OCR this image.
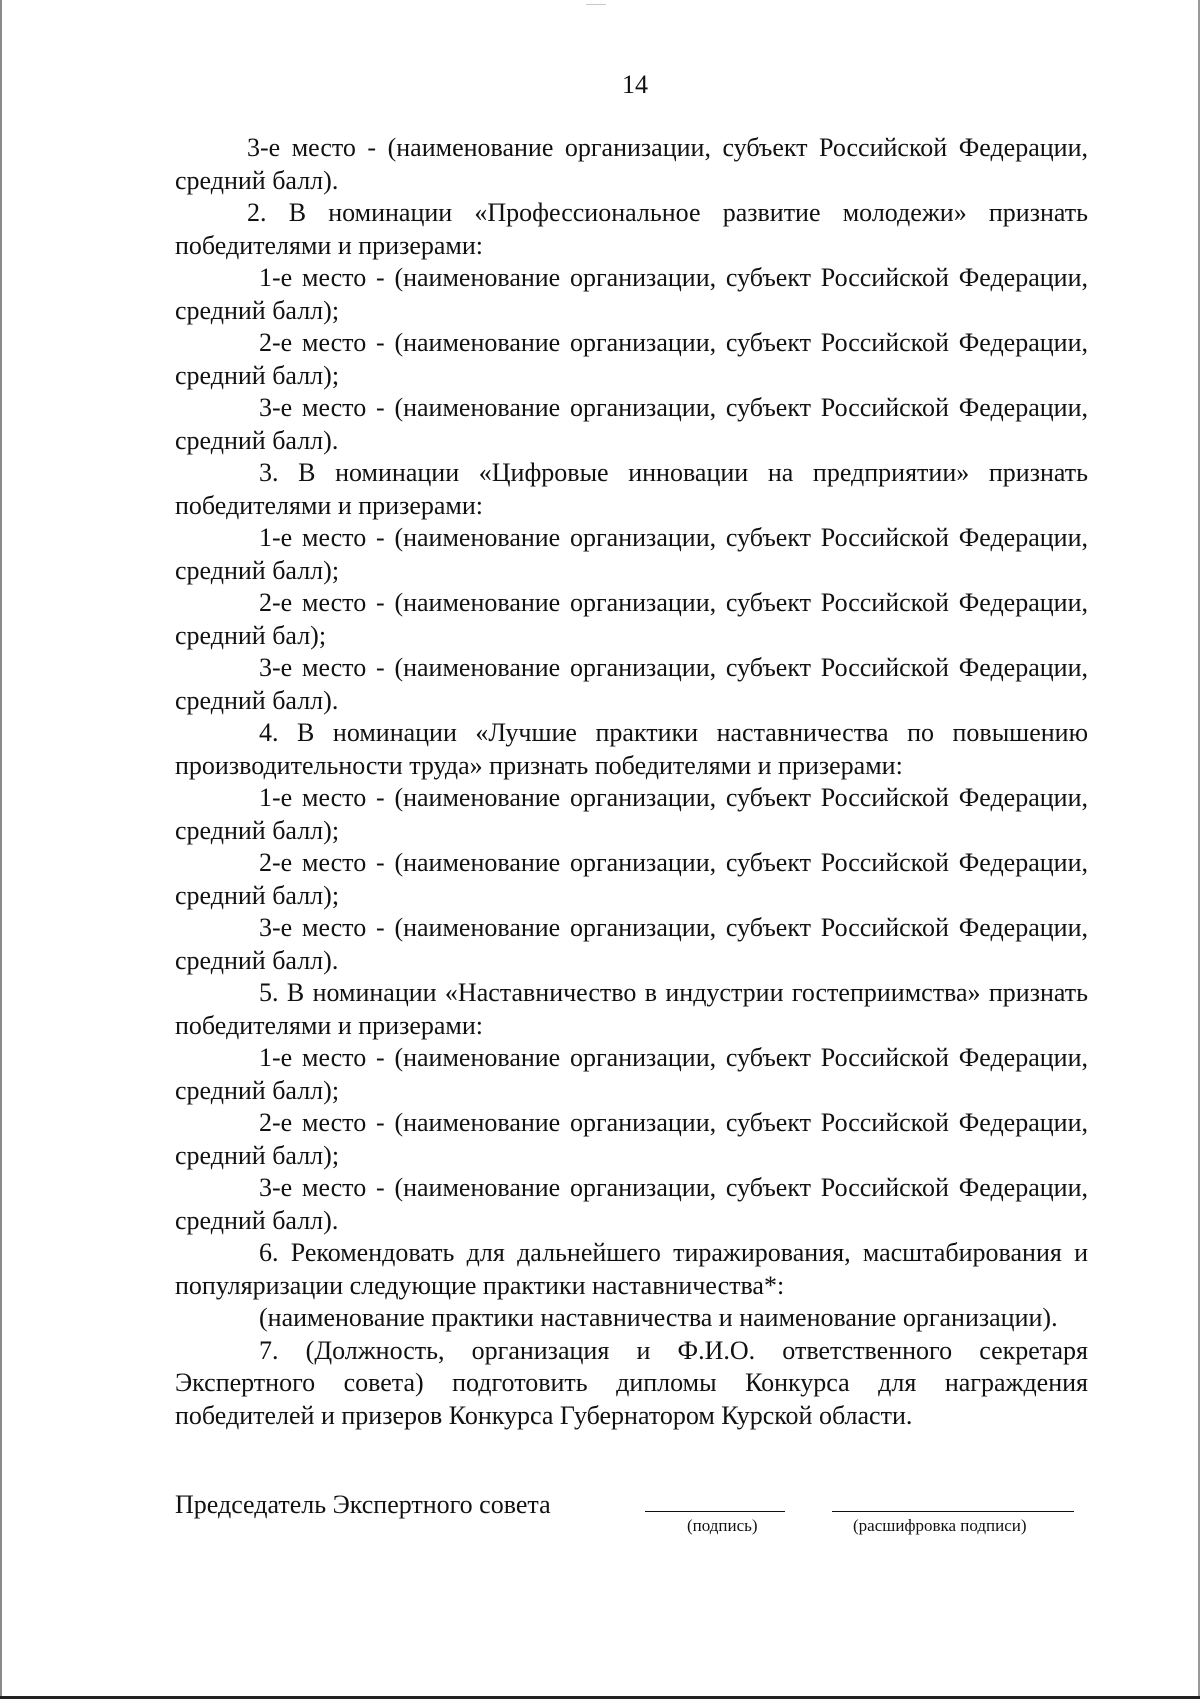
14

3-е место - (наименование организации, субъект Российской Федерации, средний балл).

2. В номинации «Профессиональное развитие молодежи» признать победителями и призерами:

1-е место - (наименование организации, субъект Российской Федерации, средний балл);

2-е место - (наименование организации, субъект Российской Федерации, средний балл);

3-е место - (наименование организации, субъект Российской Федерации, средний балл).

3. В номинации «Цифровые инновации на предприятии» признать победителями и призерами:

1-е место - (наименование организации, субъект Российской Федерации, средний балл);

2-е место - (наименование организации, субъект Российской Федерации, средний бал);

3-е место - (наименование организации, субъект Российской Федерации, средний балл).

4. В номинации «Лучшие практики наставничества по повышению производительности труда» признать победителями и призерами:

1-е место - (наименование организации, субъект Российской Федерации, средний балл);

2-е место - (наименование организации, субъект Российской Федерации, средний балл);

3-е место - (наименование организации, субъект Российской Федерации, средний балл).

5. В номинации «Наставничество в индустрии гостеприимства» признать победителями и призерами:

1-е место - (наименование организации, субъект Российской Федерации, средний балл);

2-е место - (наименование организации, субъект Российской Федерации, средний балл);

3-е место - (наименование организации, субъект Российской Федерации, средний балл).

6. Рекомендовать для дальнейшего тиражирования, масштабирования и популяризации следующие практики наставничества*:

(наименование практики наставничества и наименование организации).

7. (Должность, организация и Ф.И.О. ответственного секретаря Экспертного совета) подготовить дипломы Конкурса для награждения победителей и призеров Конкурса Губернатором Курской области.

Председатель Экспертного совета
(подпись)	(расшифровка подписи)
